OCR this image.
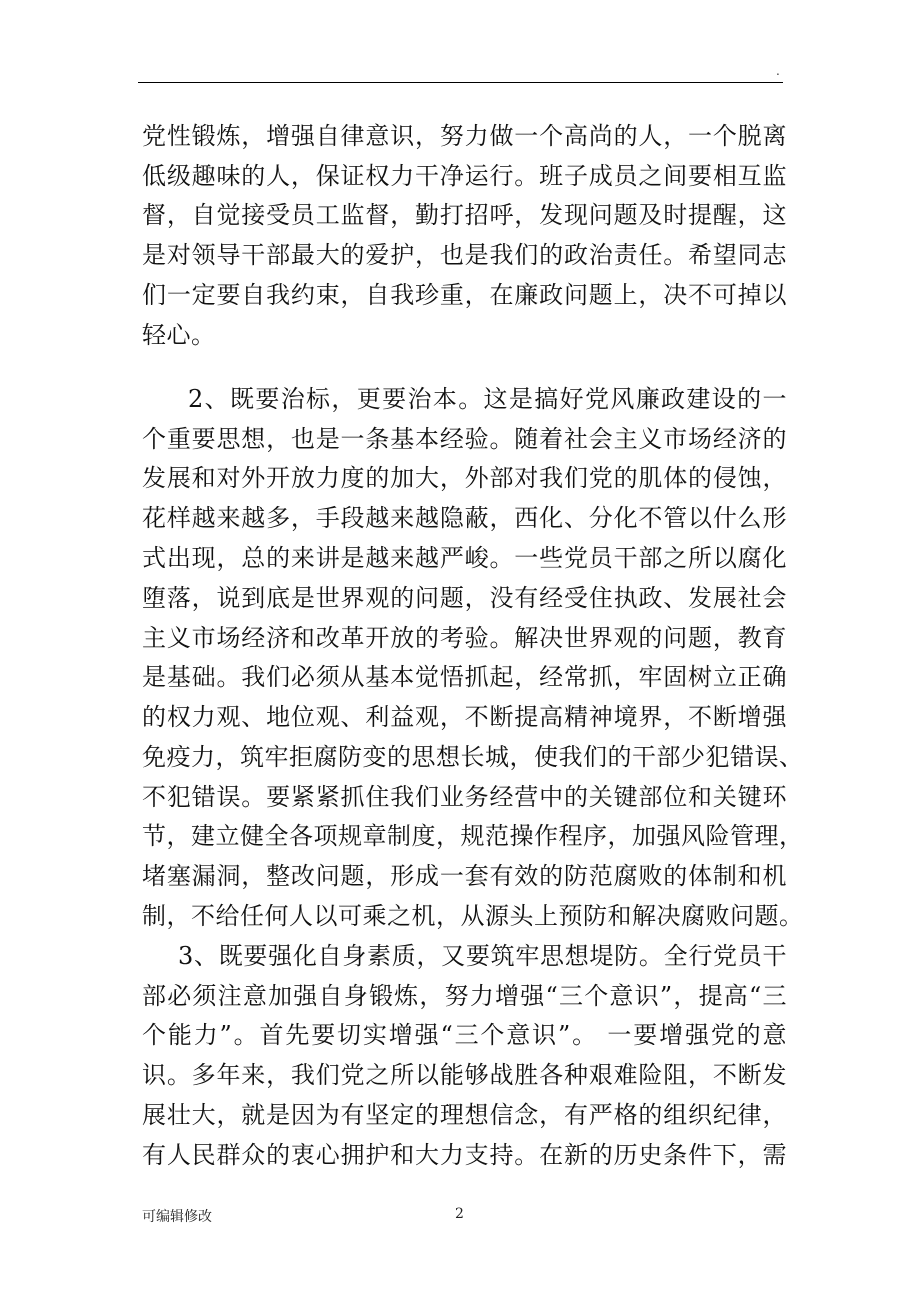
.
党性锻炼，增强自律意识，努力做一个高尚的人，一个脱离
低级趣味的人，保证权力干净运行。班子成员之间要相互监
督，自觉接受员工监督，勤打招呼，发现问题及时提醒，这
是对领导干部最大的爱护，也是我们的政治责任。希望同志
们一定要自我约束，自我珍重，在廉政问题上，决不可掉以
轻心。
2、既要治标，更要治本。这是搞好党风廉政建设的一
个重要思想，也是一条基本经验。随着社会主义市场经济的
发展和对外开放力度的加大，外部对我们党的肌体的侵蚀，
花样越来越多，手段越来越隐蔽，西化、分化不管以什么形
式出现，总的来讲是越来越严峻。一些党员干部之所以腐化
堕落，说到底是世界观的问题，没有经受住执政、发展社会
主义市场经济和改革开放的考验。解决世界观的问题，教育
是基础。我们必须从基本觉悟抓起，经常抓，牢固树立正确
的权力观、地位观、利益观，不断提高精神境界，不断增强
免疫力，筑牢拒腐防变的思想长城，使我们的干部少犯错误、
不犯错误。要紧紧抓住我们业务经营中的关键部位和关键环
节，建立健全各项规章制度，规范操作程序，加强风险管理，
堵塞漏洞，整改问题，形成一套有效的防范腐败的体制和机
制，不给任何人以可乘之机，从源头上预防和解决腐败问题。
3、既要强化自身素质，又要筑牢思想堤防。全行党员干
部必须注意加强自身锻炼，努力增强“三个意识”，提高“三
个能力”。首先要切实增强“三个意识”。 一要增强党的意
识。多年来，我们党之所以能够战胜各种艰难险阻，不断发
展壮大，就是因为有坚定的理想信念，有严格的组织纪律，
有人民群众的衷心拥护和大力支持。在新的历史条件下，需
可编辑修改	2
